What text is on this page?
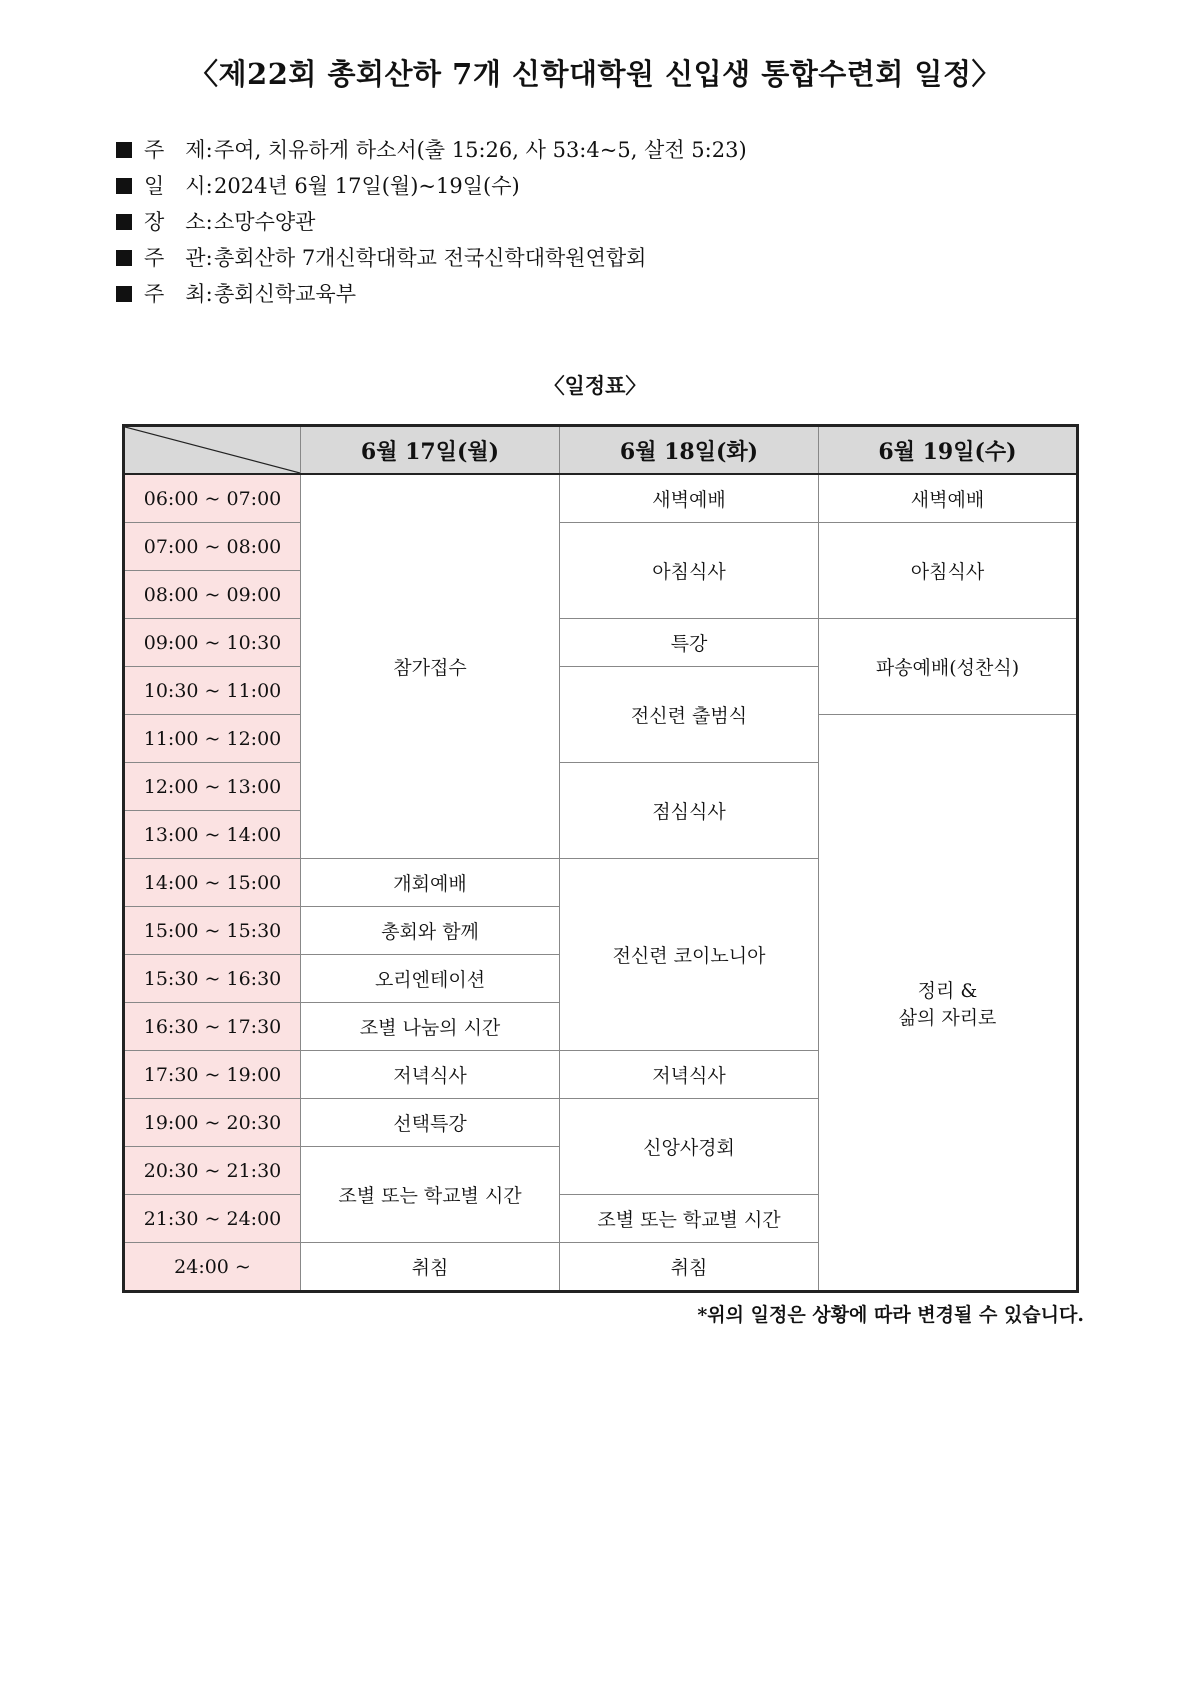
〈제22회 총회산하 7개 신학대학원 신입생 통합수련회 일정〉
주　제:주여, 치유하게 하소서(출 15:26, 사 53:4~5, 살전 5:23)
일　시:2024년 6월 17일(월)~19일(수)
장　소:소망수양관
주　관:총회산하 7개신학대학교 전국신학대학원연합회
주　최:총회신학교육부
〈일정표〉
	6월 17일(월)	6월 18일(화)	6월 19일(수)
06:00 ~ 07:00	참가접수	새벽예배	새벽예배
07:00 ~ 08:00		아침식사	아침식사
08:00 ~ 09:00			
09:00 ~ 10:30		특강	파송예배(성찬식)
10:30 ~ 11:00		전신련 출범식	
11:00 ~ 12:00			정리 &
삶의 자리로
12:00 ~ 13:00		점심식사	
13:00 ~ 14:00			
14:00 ~ 15:00	개회예배	전신련 코이노니아	
15:00 ~ 15:30	총회와 함께		
15:30 ~ 16:30	오리엔테이션		
16:30 ~ 17:30	조별 나눔의 시간		
17:30 ~ 19:00	저녁식사	저녁식사	
19:00 ~ 20:30	선택특강	신앙사경회	
20:30 ~ 21:30	조별 또는 학교별 시간		
21:30 ~ 24:00		조별 또는 학교별 시간	
24:00 ~	취침	취침	
*위의 일정은 상황에 따라 변경될 수 있습니다.
